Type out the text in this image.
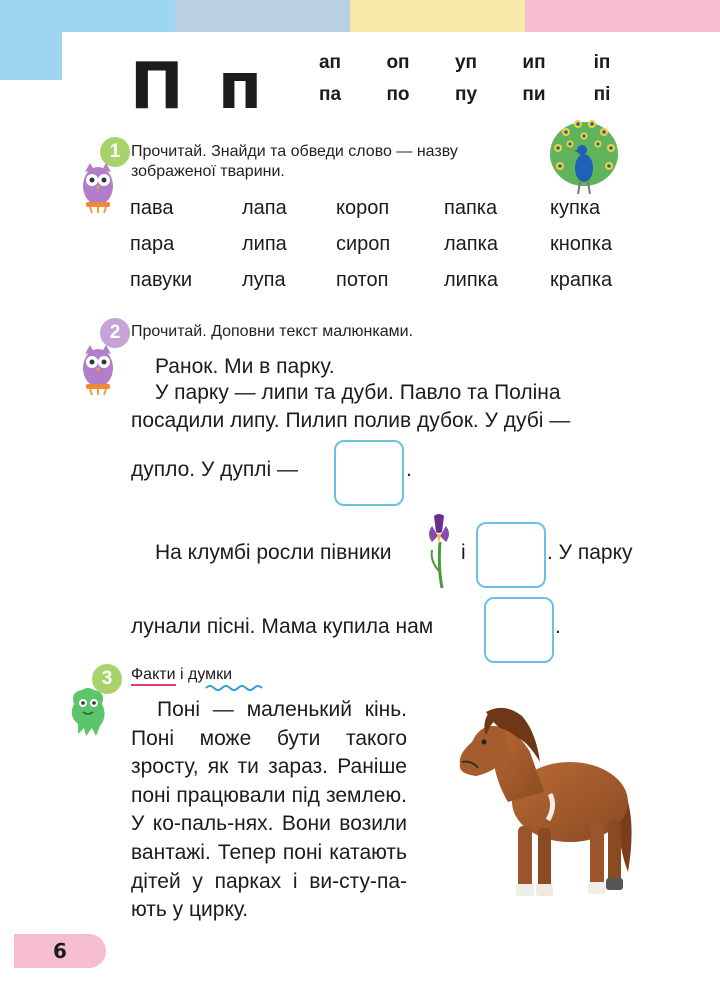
П п	ап	оп	уп	ип	іп
па	по	пу	пи	пі
1 Прочитай. Знайди та обведи слово — назву
зображеної тварини.
пава	лапа	короп	папка	купка
пара	липа	сироп	лапка	кнопка
павуки	лупа	потоп	липка	крапка
2 Прочитай. Доповни текст малюнками.
Ранок. Ми в парку.
У парку — липи та дуби. Павло та Поліна
посадили липу. Пилип полив дубок. У дубі —
дупло. У дуплі —	.
На клумбі росли півники	і	. У парку
лунали пісні. Мама купила нам	.
3	Факти і думки

Поні — маленький кінь. Поні може бути такого зросту, як ти зараз. Раніше поні працювали під землею. У ко-паль-нях. Вони возили вантажі. Тепер поні катають дітей у парках і ви-сту-па-ють у цирку.

6
